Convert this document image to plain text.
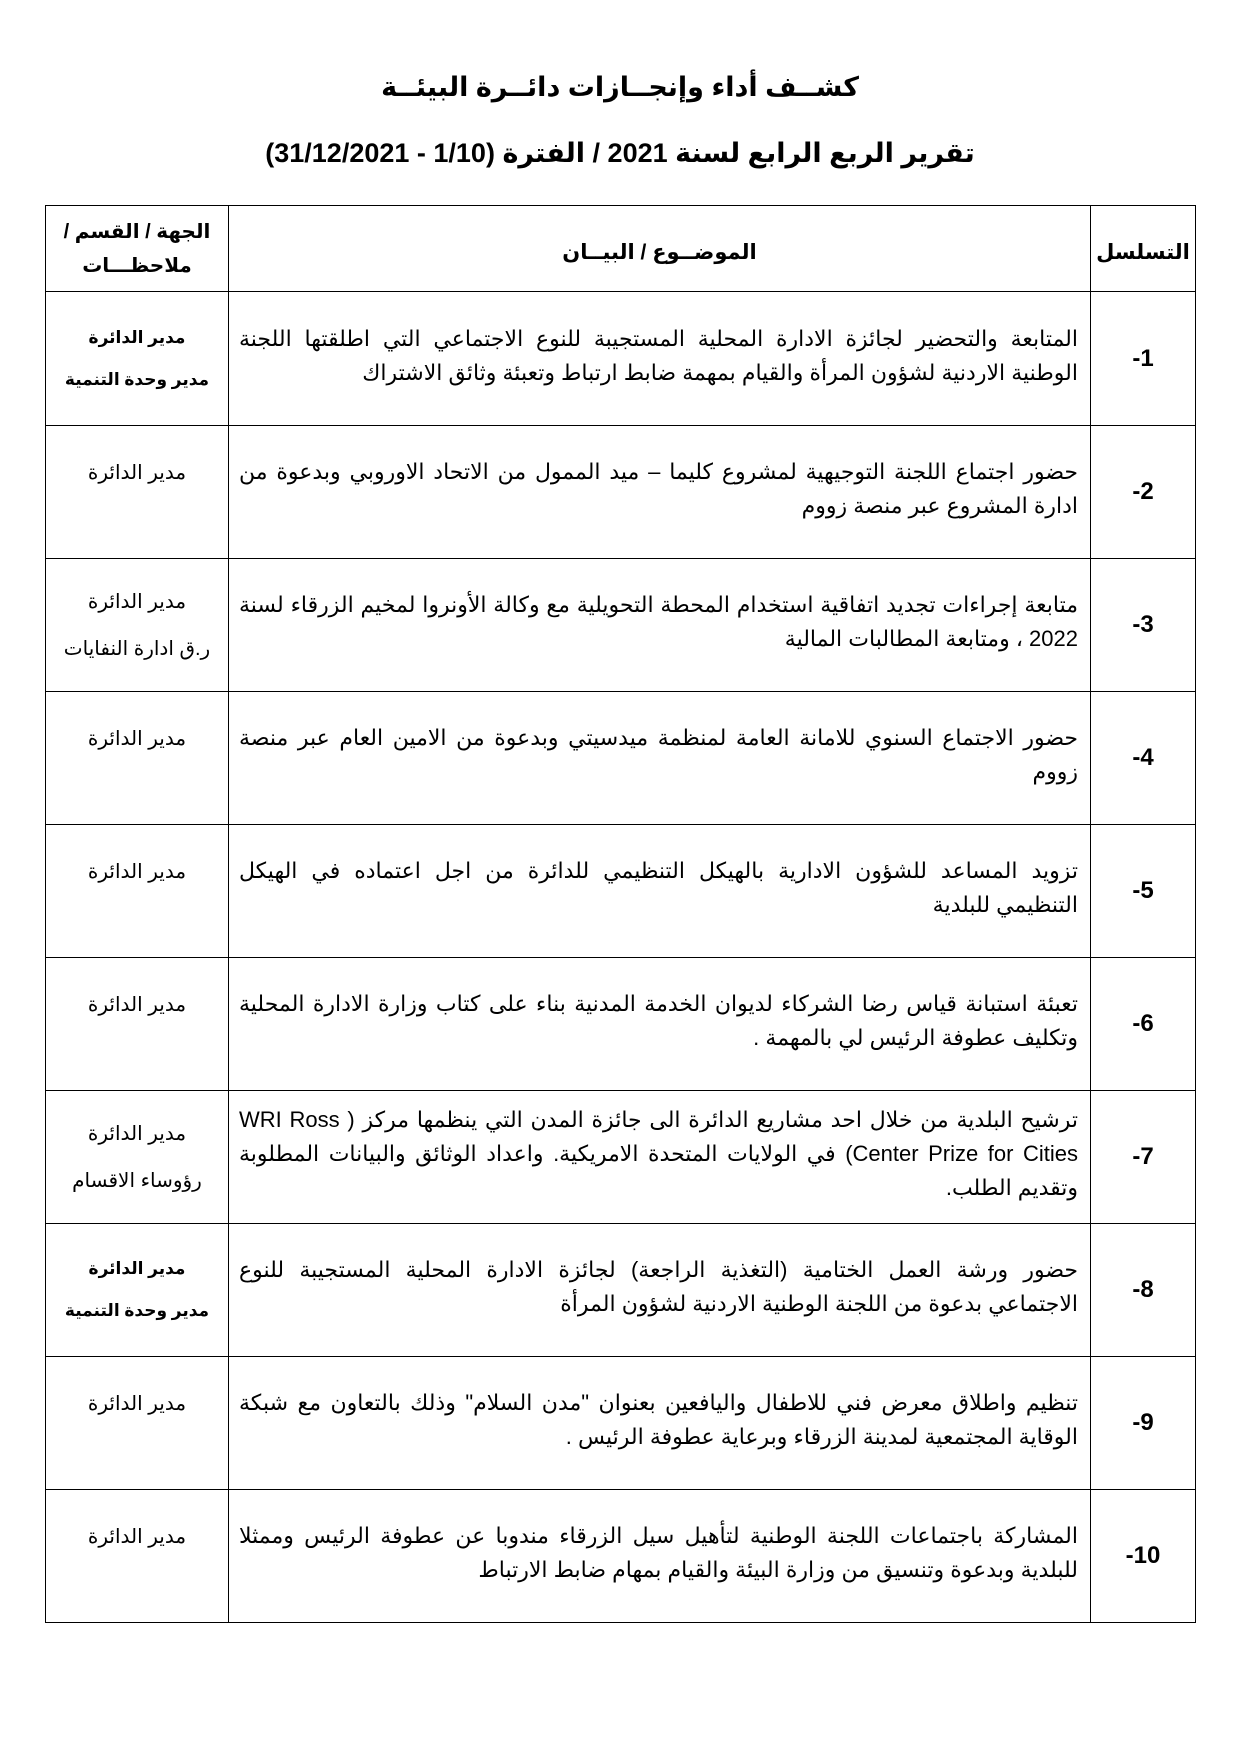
كشــف أداء وإنجــازات دائــرة البيئــة
تقرير الربع الرابع لسنة 2021 / الفترة (1/10 - 31/12/2021)
التسلسل	الموضــوع / البيــان	الجهة / القسم /
ملاحظـــات

-1	المتابعة والتحضير لجائزة الادارة المحلية المستجيبة للنوع الاجتماعي التي اطلقتها اللجنة الوطنية الاردنية لشؤون المرأة والقيام بمهمة ضابط ارتباط وتعبئة وثائق الاشتراك	مدير الدائرة
مدير وحدة التنمية

-2	حضور اجتماع اللجنة التوجيهية لمشروع كليما – ميد الممول من الاتحاد الاوروبي وبدعوة من ادارة المشروع عبر منصة زووم	مدير الدائرة

-3	متابعة إجراءات تجديد اتفاقية استخدام المحطة التحويلية مع وكالة الأونروا لمخيم الزرقاء لسنة 2022 ، ومتابعة المطالبات المالية	مدير الدائرة
ر.ق ادارة النفايات

-4	حضور الاجتماع السنوي للامانة العامة لمنظمة ميدسيتي وبدعوة من الامين العام عبر منصة زووم	مدير الدائرة

-5	تزويد المساعد للشؤون الادارية بالهيكل التنظيمي للدائرة من اجل اعتماده في الهيكل التنظيمي للبلدية	مدير الدائرة

-6	تعبئة استبانة قياس رضا الشركاء لديوان الخدمة المدنية بناء على كتاب وزارة الادارة المحلية وتكليف عطوفة الرئيس لي بالمهمة .	مدير الدائرة

-7	ترشيح البلدية من خلال احد مشاريع الدائرة الى جائزة المدن التي ينظمها مركز ( WRI Ross Center Prize for Cities) في الولايات المتحدة الامريكية. واعداد الوثائق والبيانات المطلوبة وتقديم الطلب.	مدير الدائرة
رؤوساء الاقسام

-8	حضور ورشة العمل الختامية (التغذية الراجعة) لجائزة الادارة المحلية المستجيبة للنوع الاجتماعي بدعوة من اللجنة الوطنية الاردنية لشؤون المرأة	مدير الدائرة
مدير وحدة التنمية

-9	تنظيم واطلاق معرض فني للاطفال واليافعين بعنوان "مدن السلام" وذلك بالتعاون مع شبكة الوقاية المجتمعية لمدينة الزرقاء وبرعاية عطوفة الرئيس .	مدير الدائرة

-10	المشاركة باجتماعات اللجنة الوطنية لتأهيل سيل الزرقاء مندوبا عن عطوفة الرئيس وممثلا للبلدية وبدعوة وتنسيق من وزارة البيئة والقيام بمهام ضابط الارتباط	مدير الدائرة
